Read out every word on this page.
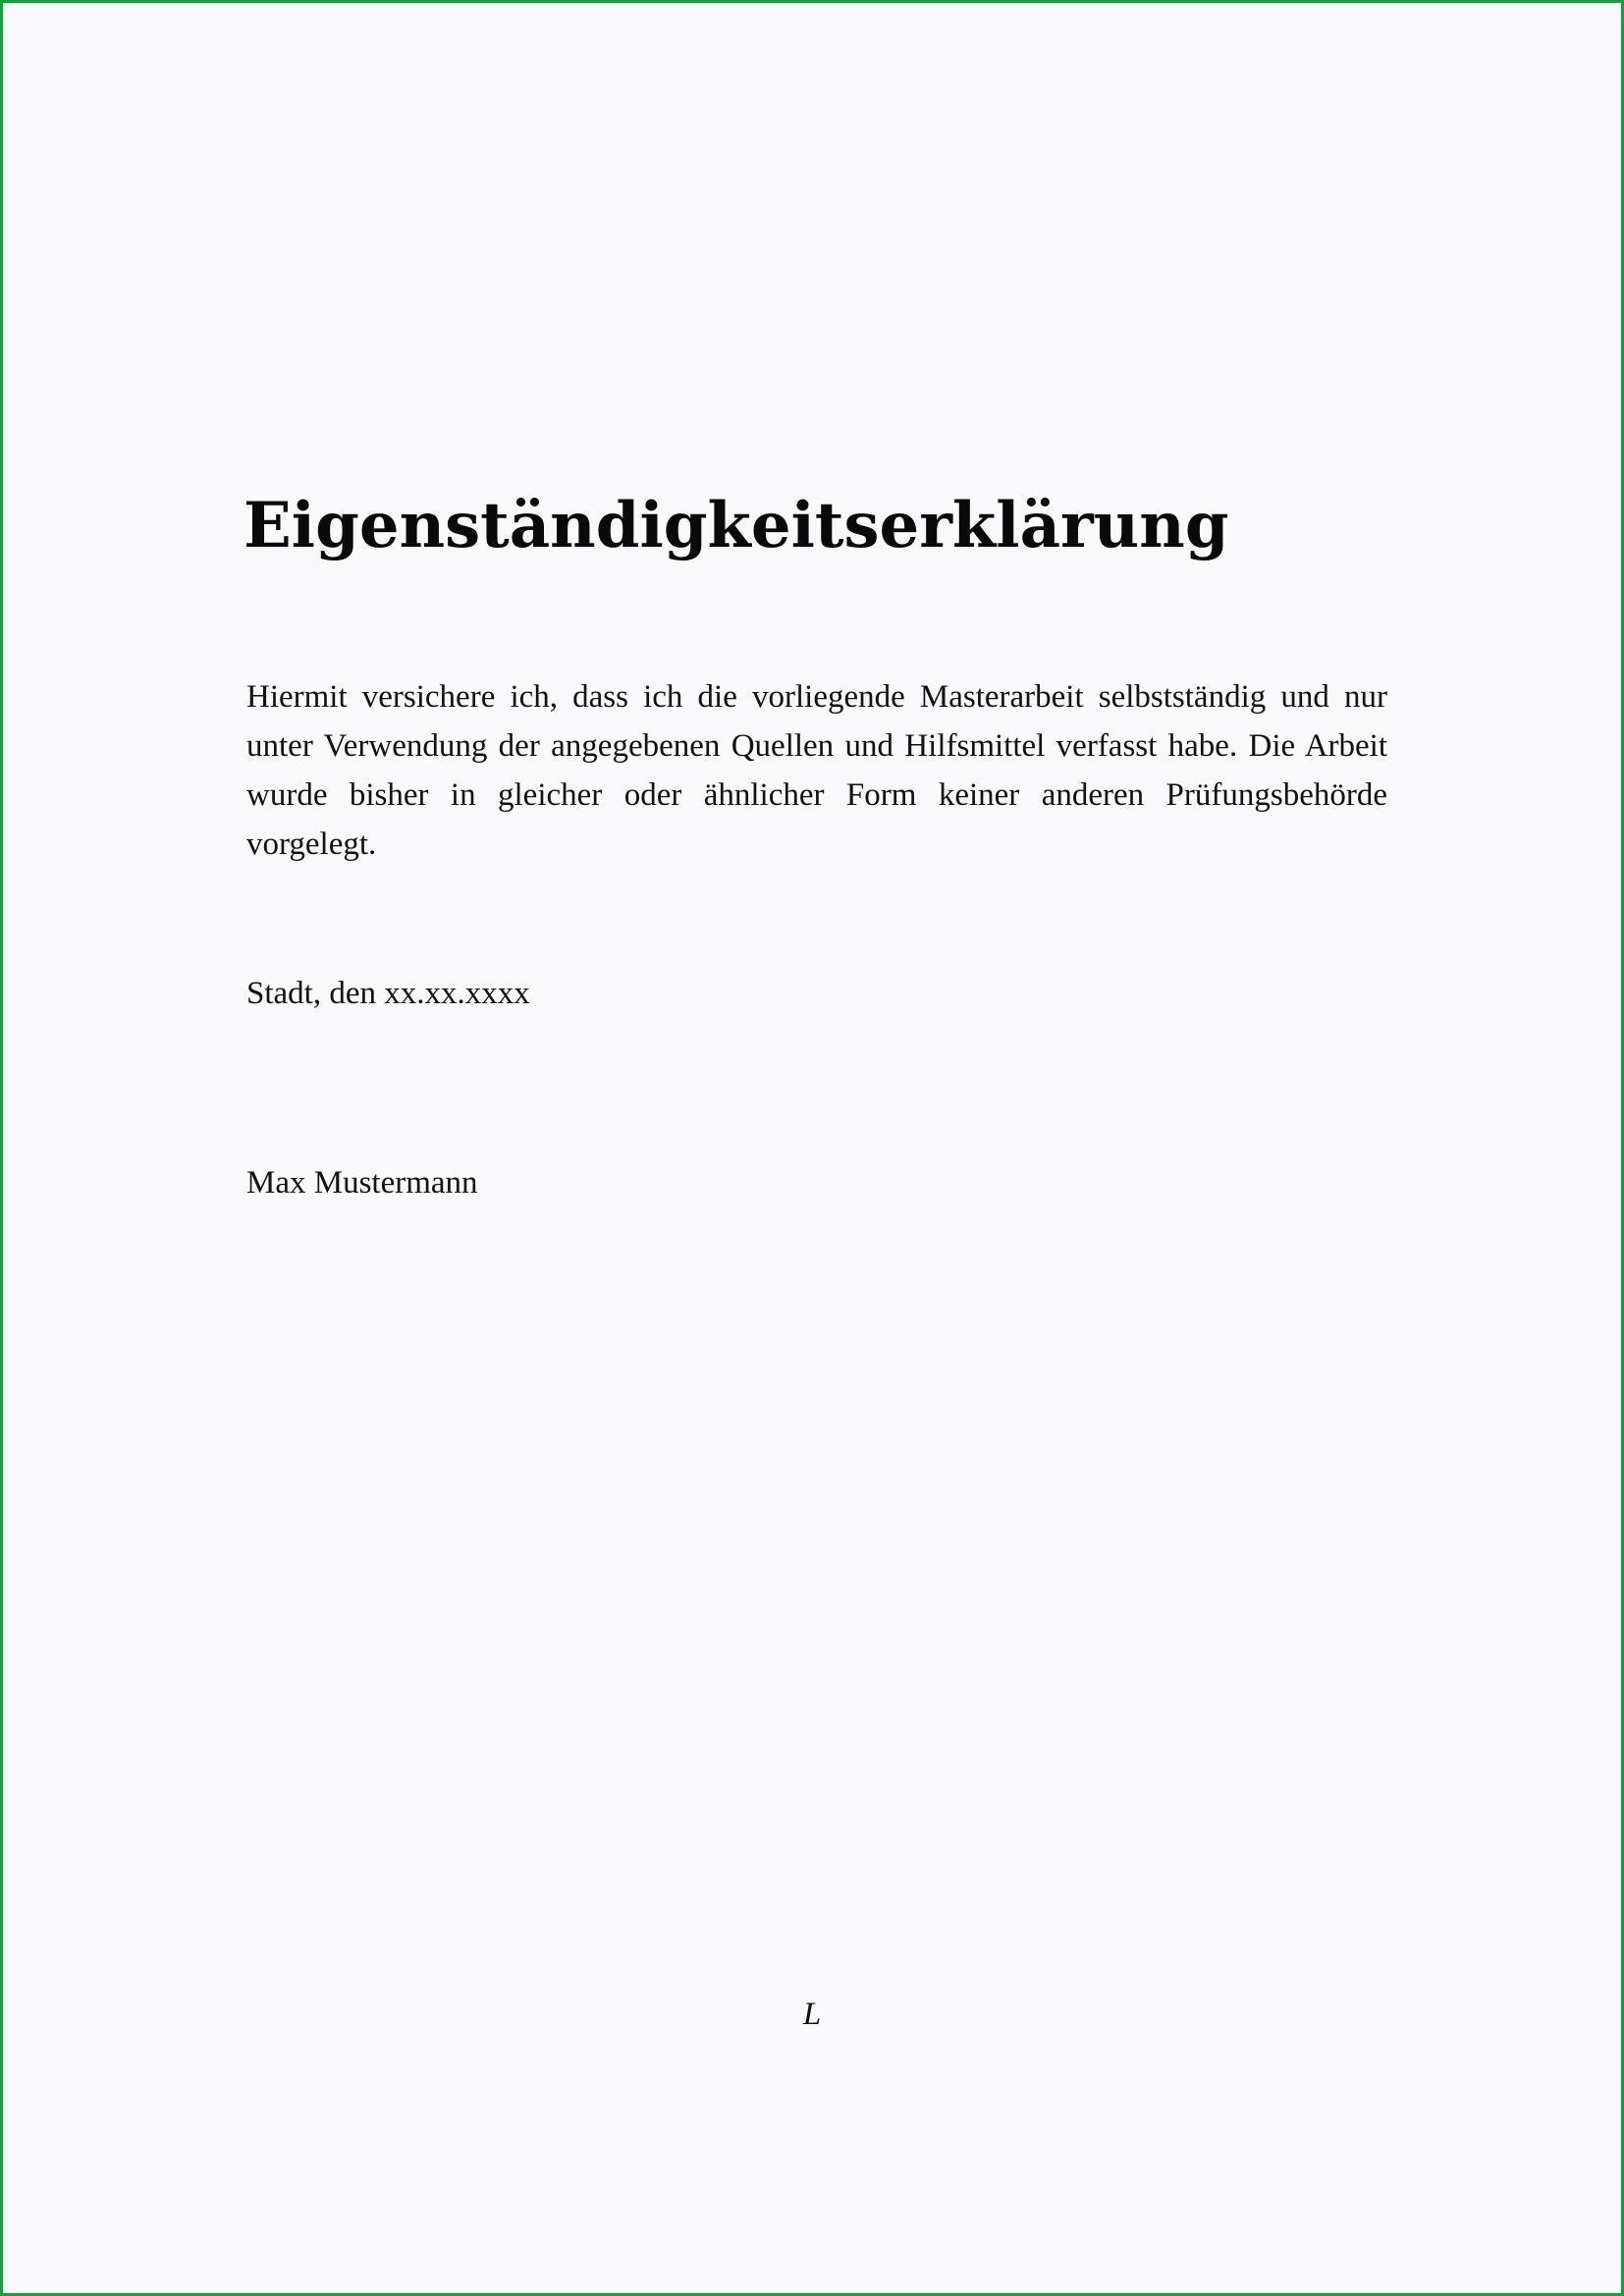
Eigenständigkeitserklärung

Hiermit versichere ich, dass ich die vorliegende Masterarbeit selbstständig und nur unter Verwendung der angegebenen Quellen und Hilfsmittel verfasst habe. Die Arbeit wurde bisher in gleicher oder ähnlicher Form keiner anderen Prüfungsbehörde vorgelegt.

Stadt, den xx.xx.xxxx

Max Mustermann

L
